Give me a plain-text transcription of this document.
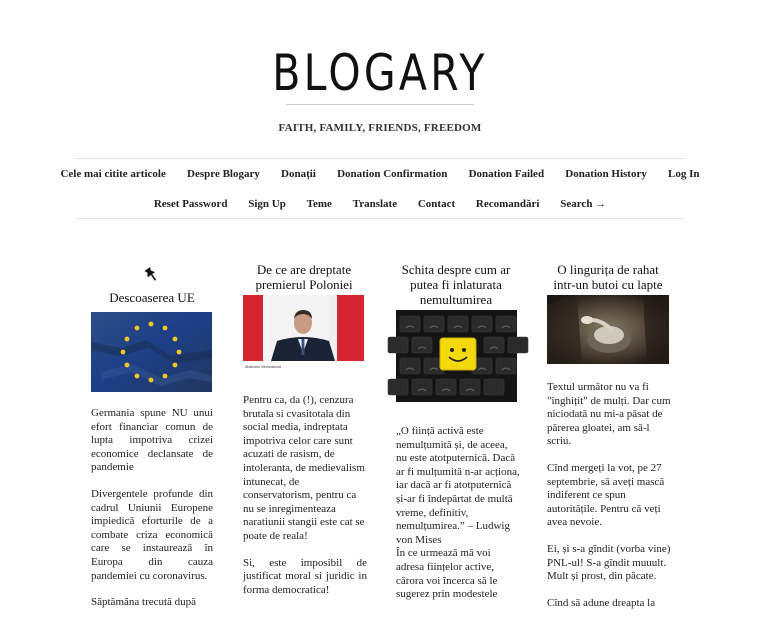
BLOGARY
FAITH, FAMILY, FRIENDS, FREEDOM
Cele mai citite articole	Despre Blogary	Donații	Donation Confirmation	Donation Failed	Donation History	Log In
Reset Password	Sign Up	Teme	Translate	Contact	Recomandări	Search →
Descoaserea UE

Germania spune NU unui efort financiar comun de lupta impotriva crizei economice declansate de pandemie

Divergentele profunde din cadrul Uniunii Europene impiedică eforturile de a combate criza economică care se instaurează în Europa din cauza pandemiei cu coronavirus.

Săptămâna trecută după

De ce are dreptate premierul Poloniei
Mateusz Morawiecki

Pentru ca, da (!), cenzura brutala si cvasitotala din social media, indreptata impotriva celor care sunt acuzati de rasism, de intoleranta, de medievalism intunecat, de conservatorism, pentru ca nu se inregimenteaza naratiunii stangii este cat se poate de reala!

Si, este imposibil de justificat moral si juridic in forma democratica!

Schita despre cum ar putea fi inlaturata nemultumirea

„O ființă activă este nemulțumită și, de aceea, nu este atotputernică. Dacă ar fi mulțumită n-ar acționa, iar dacă ar fi atotputernică și-ar fi îndepărtat de multă vreme, definitiv, nemulțumirea.” – Ludwig von Mises

În ce urmează mă voi adresa ființelor active, cărora voi încerca să le sugerez prin modestele

O lingurița de rahat intr-un butoi cu lapte

Textul următor nu va fi "înghițit" de mulți. Dar cum niciodată nu mi-a păsat de părerea gloatei, am să-l scriu.

Cînd mergeți la vot, pe 27 septembrie, să aveți mască indiferent ce spun autoritățile. Pentru că veți avea nevoie.

Ei, și s-a gîndit (vorba vine) PNL-ul! S-a gîndit muuult. Mult și prost, din păcate.

Cînd să adune dreapta la
